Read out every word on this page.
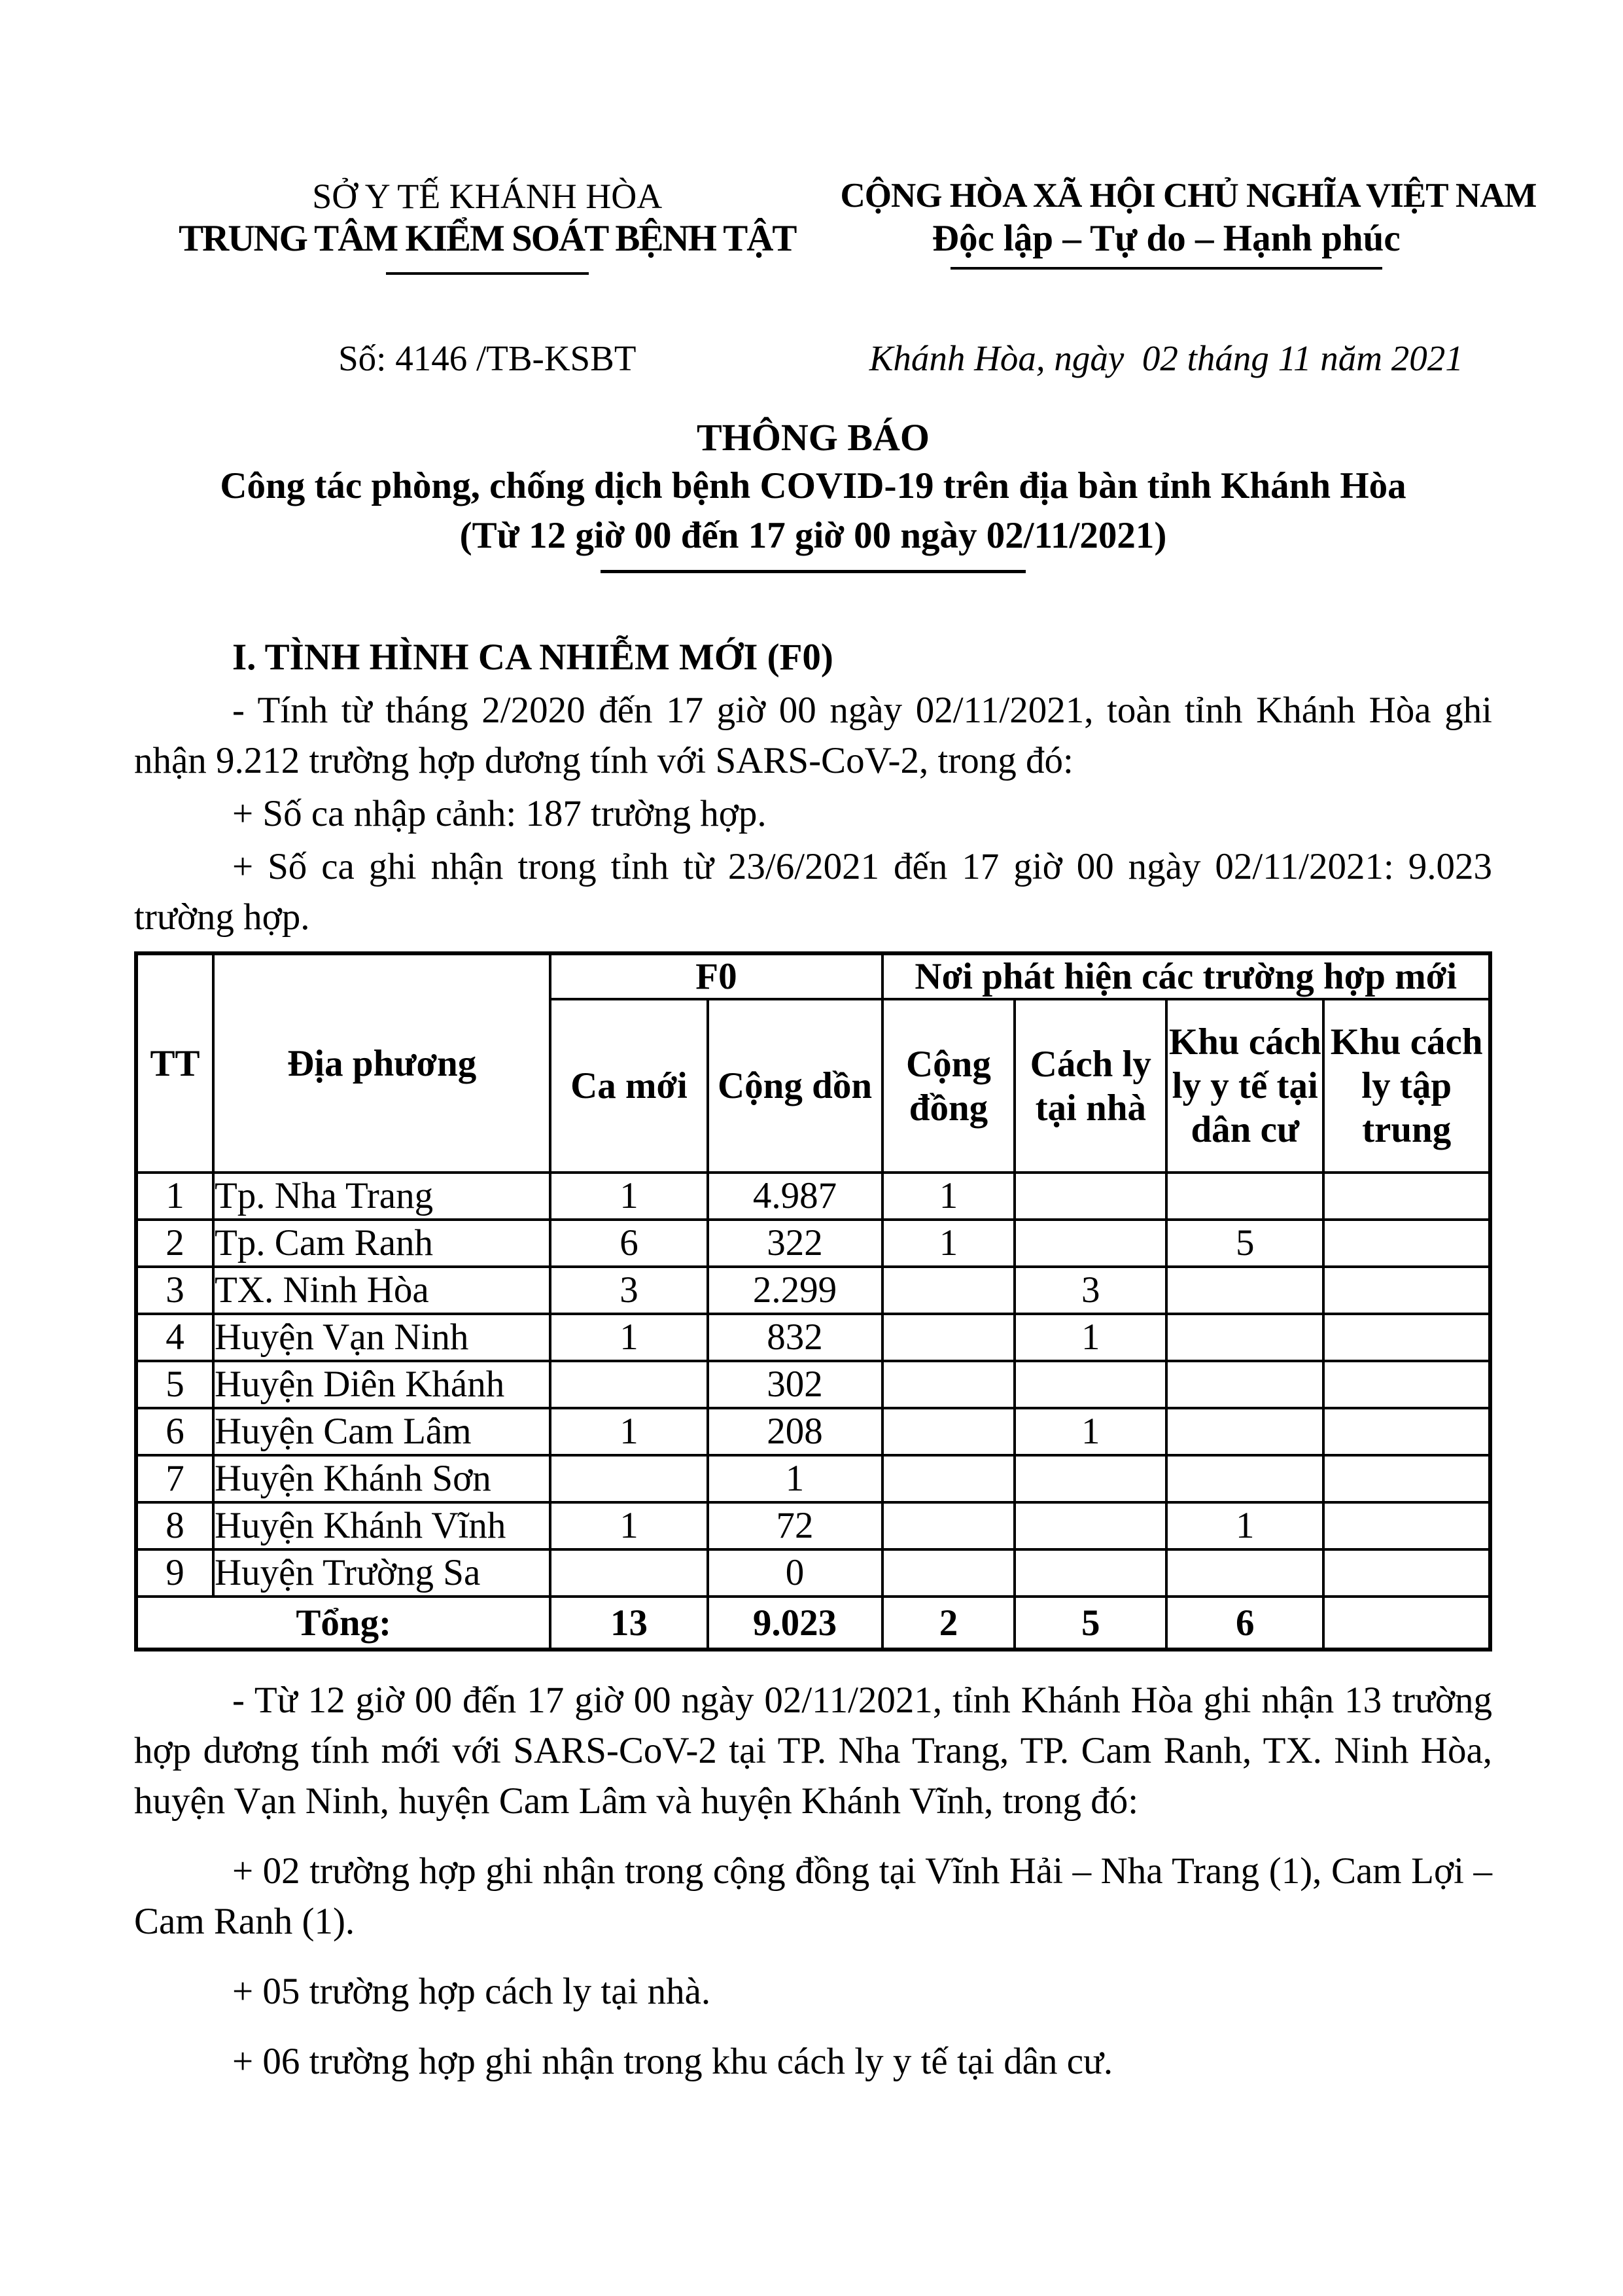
SỞ Y TẾ KHÁNH HÒA
TRUNG TÂM KIỂM SOÁT BỆNH TẬT
CỘNG HÒA XÃ HỘI CHỦ NGHĨA VIỆT NAM
Độc lập – Tự do – Hạnh phúc
Số: 4146 /TB-KSBT	Khánh Hòa, ngày  02 tháng 11 năm 2021
THÔNG BÁO
Công tác phòng, chống dịch bệnh COVID-19 trên địa bàn tỉnh Khánh Hòa
(Từ 12 giờ 00 đến 17 giờ 00 ngày 02/11/2021)
I. TÌNH HÌNH CA NHIỄM MỚI (F0)

- Tính từ tháng 2/2020 đến 17 giờ 00 ngày 02/11/2021, toàn tỉnh Khánh Hòa ghi nhận 9.212 trường hợp dương tính với SARS-CoV-2, trong đó:

+ Số ca nhập cảnh: 187 trường hợp.

+ Số ca ghi nhận trong tỉnh từ 23/6/2021 đến 17 giờ 00 ngày 02/11/2021: 9.023 trường hợp.

TT	Địa phương	F0		Nơi phát hiện các trường hợp mới			
		Ca mới	Cộng dồn	Cộng đồng	Cách ly tại nhà	Khu cách ly y tế tại dân cư	Khu cách ly tập trung
1	Tp. Nha Trang	1	4.987	1			
2	Tp. Cam Ranh	6	322	1		5	
3	TX. Ninh Hòa	3	2.299		3		
4	Huyện Vạn Ninh	1	832		1		
5	Huyện Diên Khánh		302				
6	Huyện Cam Lâm	1	208		1		
7	Huyện Khánh Sơn		1				
8	Huyện Khánh Vĩnh	1	72			1	
9	Huyện Trường Sa		0				
Tổng:		13	9.023	2	5	6	

- Từ 12 giờ 00 đến 17 giờ 00 ngày 02/11/2021, tỉnh Khánh Hòa ghi nhận 13 trường hợp dương tính mới với SARS-CoV-2 tại TP. Nha Trang, TP. Cam Ranh, TX. Ninh Hòa, huyện Vạn Ninh, huyện Cam Lâm và huyện Khánh Vĩnh, trong đó:

+ 02 trường hợp ghi nhận trong cộng đồng tại Vĩnh Hải – Nha Trang (1), Cam Lợi – Cam Ranh (1).

+ 05 trường hợp cách ly tại nhà.

+ 06 trường hợp ghi nhận trong khu cách ly y tế tại dân cư.
